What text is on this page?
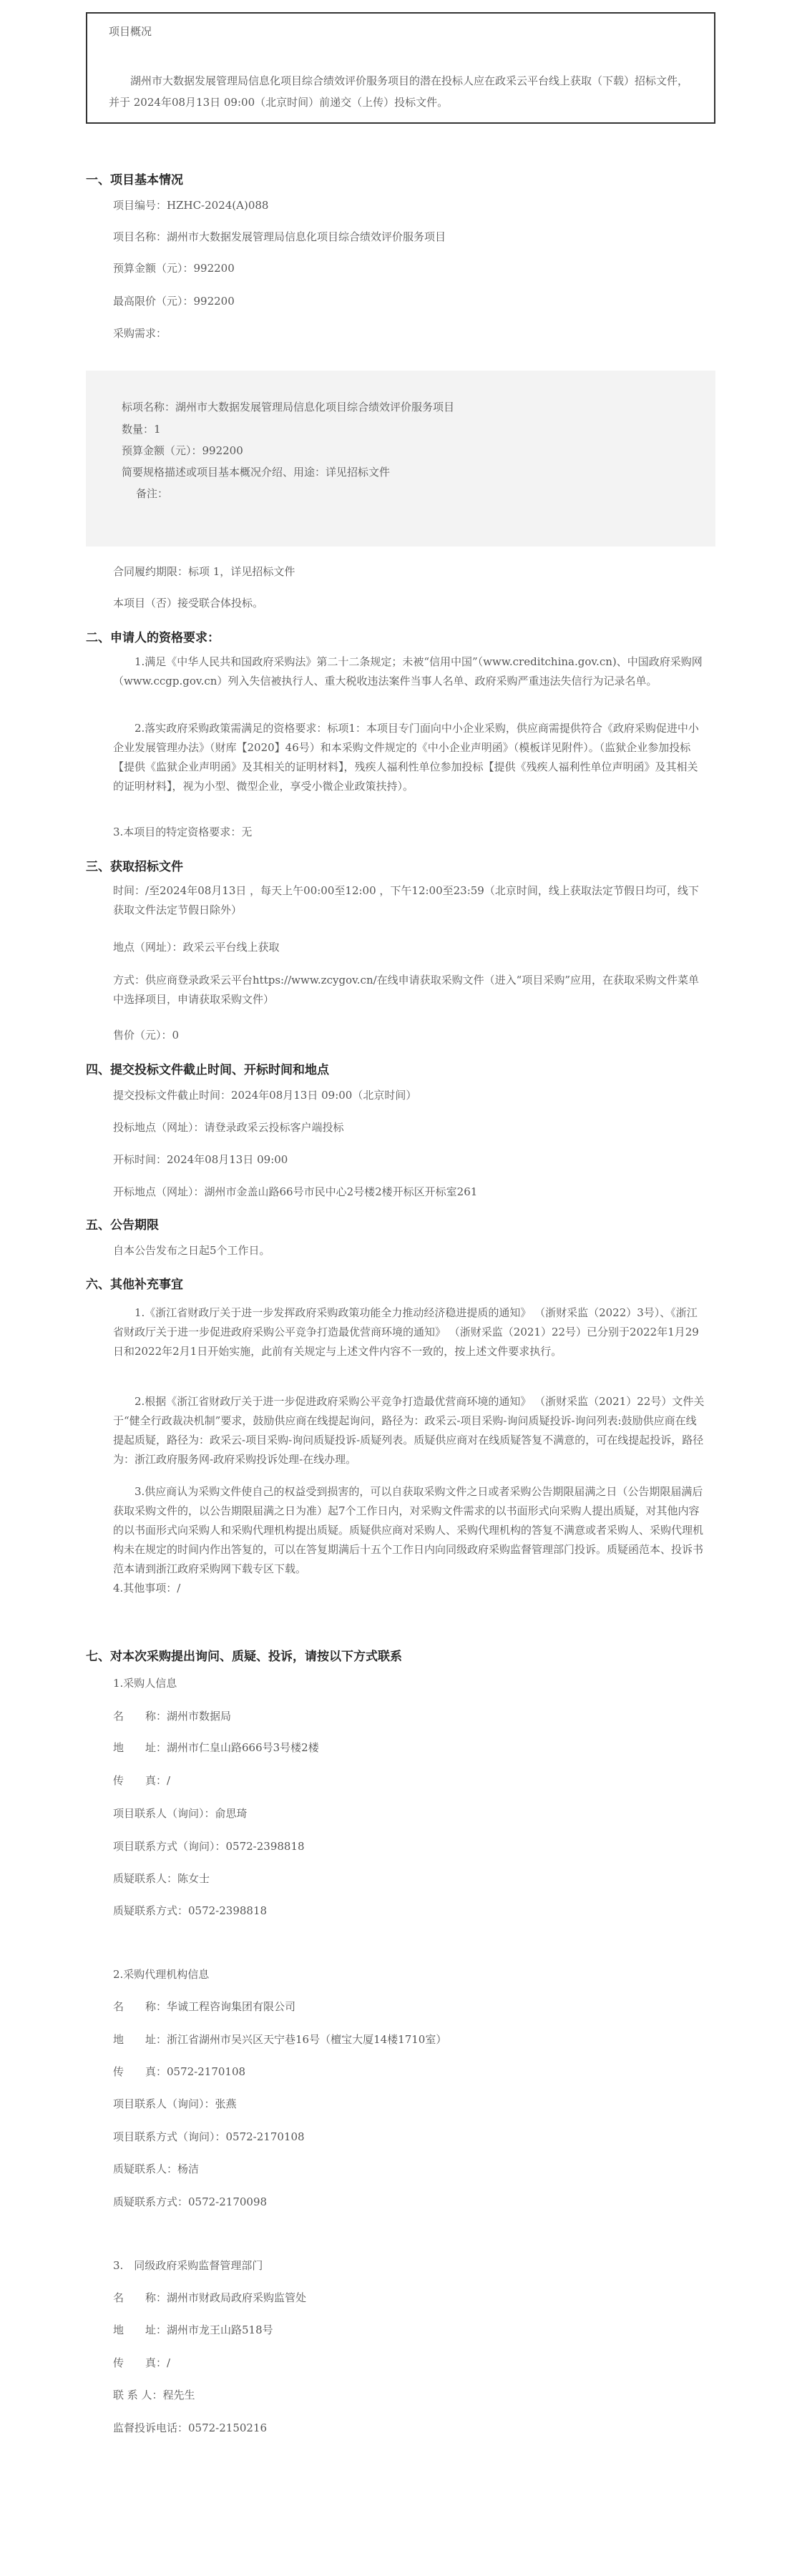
项目概况

湖州市大数据发展管理局信息化项目综合绩效评价服务项目的潜在投标人应在政采云平台线上获取（下载）招标文件，并于 2024年08月13日 09:00（北京时间）前递交（上传）投标文件。

一、项目基本情况
项目编号：HZHC-2024(A)088
项目名称：湖州市大数据发展管理局信息化项目综合绩效评价服务项目
预算金额（元）：992200
最高限价（元）：992200
采购需求：
标项名称：湖州市大数据发展管理局信息化项目综合绩效评价服务项目
数量：1
预算金额（元）：992200
简要规格描述或项目基本概况介绍、用途：详见招标文件
备注：
合同履约期限：标项 1，详见招标文件
本项目（否）接受联合体投标。
二、申请人的资格要求：
1.满足《中华人民共和国政府采购法》第二十二条规定；未被“信用中国”（www.creditchina.gov.cn)、中国政府采购网（www.ccgp.gov.cn）列入失信被执行人、重大税收违法案件当事人名单、政府采购严重违法失信行为记录名单。
2.落实政府采购政策需满足的资格要求：标项1：本项目专门面向中小企业采购，供应商需提供符合《政府采购促进中小企业发展管理办法》（财库【2020】46号）和本采购文件规定的《中小企业声明函》（模板详见附件）。（监狱企业参加投标【提供《监狱企业声明函》及其相关的证明材料】，残疾人福利性单位参加投标【提供《残疾人福利性单位声明函》及其相关的证明材料】，视为小型、微型企业，享受小微企业政策扶持）。
3.本项目的特定资格要求：无
三、获取招标文件
时间：/至2024年08月13日 ，每天上午00:00至12:00 ，下午12:00至23:59（北京时间，线上获取法定节假日均可，线下获取文件法定节假日除外）
地点（网址）：政采云平台线上获取
方式：供应商登录政采云平台https://www.zcygov.cn/在线申请获取采购文件（进入“项目采购”应用，在获取采购文件菜单中选择项目，申请获取采购文件）
售价（元）：0
四、提交投标文件截止时间、开标时间和地点
提交投标文件截止时间：2024年08月13日 09:00（北京时间）
投标地点（网址）：请登录政采云投标客户端投标
开标时间：2024年08月13日 09:00
开标地点（网址）：湖州市金盖山路66号市民中心2号楼2楼开标区开标室261
五、公告期限
自本公告发布之日起5个工作日。
六、其他补充事宜
1.《浙江省财政厅关于进一步发挥政府采购政策功能全力推动经济稳进提质的通知》 （浙财采监（2022）3号）、《浙江省财政厅关于进一步促进政府采购公平竞争打造最优营商环境的通知》 （浙财采监（2021）22号）已分别于2022年1月29日和2022年2月1日开始实施，此前有关规定与上述文件内容不一致的，按上述文件要求执行。
2.根据《浙江省财政厅关于进一步促进政府采购公平竞争打造最优营商环境的通知》 （浙财采监（2021）22号）文件关于“健全行政裁决机制”要求，鼓励供应商在线提起询问，路径为：政采云-项目采购-询问质疑投诉-询问列表:鼓励供应商在线提起质疑，路径为：政采云-项目采购-询问质疑投诉-质疑列表。质疑供应商对在线质疑答复不满意的，可在线提起投诉，路径为：浙江政府服务网-政府采购投诉处理-在线办理。
3.供应商认为采购文件使自己的权益受到损害的，可以自获取采购文件之日或者采购公告期限届满之日（公告期限届满后获取采购文件的，以公告期限届满之日为准）起7个工作日内，对采购文件需求的以书面形式向采购人提出质疑，对其他内容的以书面形式向采购人和采购代理机构提出质疑。质疑供应商对采购人、采购代理机构的答复不满意或者采购人、采购代理机构未在规定的时间内作出答复的，可以在答复期满后十五个工作日内向同级政府采购监督管理部门投诉。质疑函范本、投诉书范本请到浙江政府采购网下载专区下载。
4.其他事项：/
七、对本次采购提出询问、质疑、投诉，请按以下方式联系
1.采购人信息
名　　称：湖州市数据局
地　　址：湖州市仁皇山路666号3号楼2楼
传　　真：/
项目联系人（询问）：俞思琦
项目联系方式（询问）：0572-2398818
质疑联系人：陈女士
质疑联系方式：0572-2398818
2.采购代理机构信息
名　　称：华诚工程咨询集团有限公司
地　　址：浙江省湖州市吴兴区天宁巷16号（檀宝大厦14楼1710室）
传　　真：0572-2170108
项目联系人（询问）：张燕
项目联系方式（询问）：0572-2170108
质疑联系人：杨洁
质疑联系方式：0572-2170098
3.　同级政府采购监督管理部门
名　　称：湖州市财政局政府采购监管处
地　　址：湖州市龙王山路518号
传　　真：/
联 系 人：程先生
监督投诉电话：0572-2150216
